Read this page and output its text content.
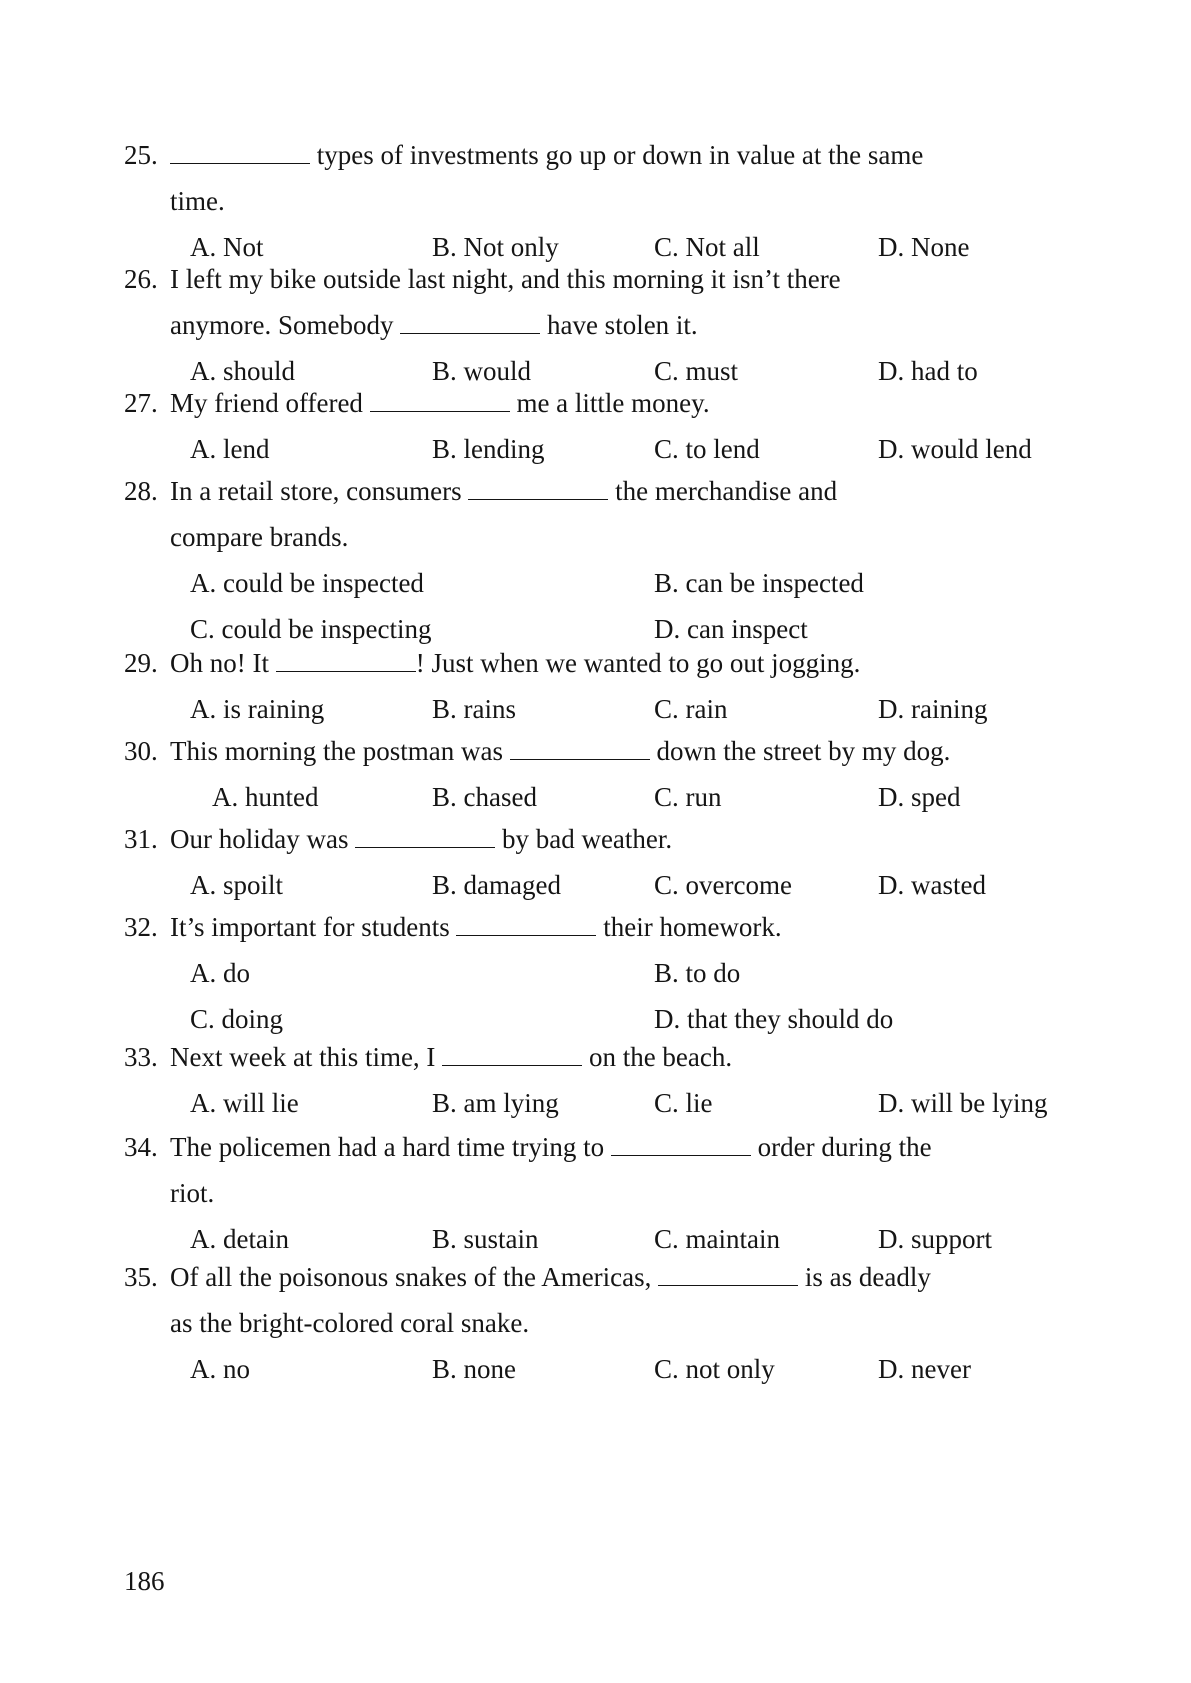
25.	types of investments go up or down in value at the same
time.
A. Not	B. Not only	C. Not all	D. None
26. I left my bike outside last night, and this morning it isn’t there
anymore. Somebody	have stolen it.
A. should	B. would	C. must	D. had to
27. My friend offered	me a little money.
A. lend	B. lending	C. to lend	D. would lend
28. In a retail store, consumers	the merchandise and
compare brands.
A. could be inspected	B. can be inspected
C. could be inspecting	D. can inspect
29. Oh no! It	! Just when we wanted to go out jogging.
A. is raining	B. rains	C. rain	D. raining
30. This morning the postman was	down the street by my dog.
A. hunted	B. chased	C. run	D. sped
31. Our holiday was	by bad weather.
A. spoilt	B. damaged	C. overcome	D. wasted
32. It’s important for students	their homework.
A. do	B. to do
C. doing	D. that they should do
33. Next week at this time, I	on the beach.
A. will lie	B. am lying	C. lie	D. will be lying
34. The policemen had a hard time trying to	order during the
riot.
A. detain	B. sustain	C. maintain	D. support
35. Of all the poisonous snakes of the Americas,	is as deadly
as the bright-colored coral snake.
A. no	B. none	C. not only	D. never
186
